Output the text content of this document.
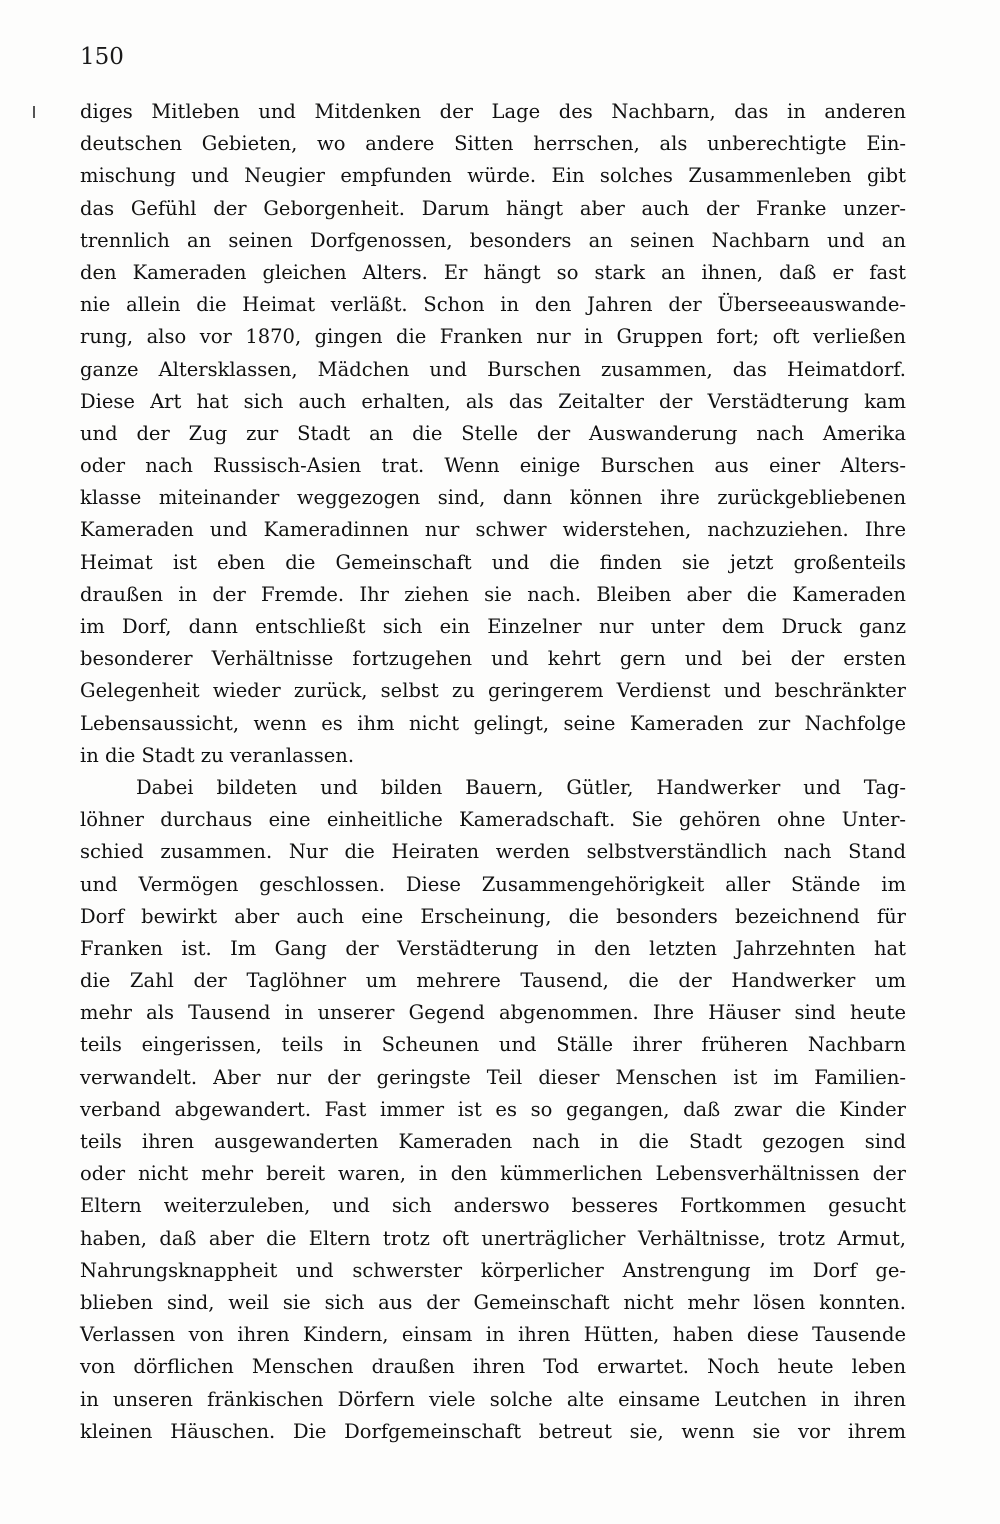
150
diges Mitleben und Mitdenken der Lage des Nachbarn, das in anderen
deutschen Gebieten, wo andere Sitten herrschen, als unberechtigte Ein-
mischung und Neugier empfunden würde. Ein solches Zusammenleben gibt
das Gefühl der Geborgenheit. Darum hängt aber auch der Franke unzer-
trennlich an seinen Dorfgenossen, besonders an seinen Nachbarn und an
den Kameraden gleichen Alters. Er hängt so stark an ihnen, daß er fast
nie allein die Heimat verläßt. Schon in den Jahren der Überseeauswande-
rung, also vor 1870, gingen die Franken nur in Gruppen fort; oft verließen
ganze Altersklassen, Mädchen und Burschen zusammen, das Heimatdorf.
Diese Art hat sich auch erhalten, als das Zeitalter der Verstädterung kam
und der Zug zur Stadt an die Stelle der Auswanderung nach Amerika
oder nach Russisch-Asien trat. Wenn einige Burschen aus einer Alters-
klasse miteinander weggezogen sind, dann können ihre zurückgebliebenen
Kameraden und Kameradinnen nur schwer widerstehen, nachzuziehen. Ihre
Heimat ist eben die Gemeinschaft und die finden sie jetzt großenteils
draußen in der Fremde. Ihr ziehen sie nach. Bleiben aber die Kameraden
im Dorf, dann entschließt sich ein Einzelner nur unter dem Druck ganz
besonderer Verhältnisse fortzugehen und kehrt gern und bei der ersten
Gelegenheit wieder zurück, selbst zu geringerem Verdienst und beschränkter
Lebensaussicht, wenn es ihm nicht gelingt, seine Kameraden zur Nachfolge
in die Stadt zu veranlassen.
Dabei bildeten und bilden Bauern, Gütler, Handwerker und Tag-
löhner durchaus eine einheitliche Kameradschaft. Sie gehören ohne Unter-
schied zusammen. Nur die Heiraten werden selbstverständlich nach Stand
und Vermögen geschlossen. Diese Zusammengehörigkeit aller Stände im
Dorf bewirkt aber auch eine Erscheinung, die besonders bezeichnend für
Franken ist. Im Gang der Verstädterung in den letzten Jahrzehnten hat
die Zahl der Taglöhner um mehrere Tausend, die der Handwerker um
mehr als Tausend in unserer Gegend abgenommen. Ihre Häuser sind heute
teils eingerissen, teils in Scheunen und Ställe ihrer früheren Nachbarn
verwandelt. Aber nur der geringste Teil dieser Menschen ist im Familien-
verband abgewandert. Fast immer ist es so gegangen, daß zwar die Kinder
teils ihren ausgewanderten Kameraden nach in die Stadt gezogen sind
oder nicht mehr bereit waren, in den kümmerlichen Lebensverhältnissen der
Eltern weiterzuleben, und sich anderswo besseres Fortkommen gesucht
haben, daß aber die Eltern trotz oft unerträglicher Verhältnisse, trotz Armut,
Nahrungsknappheit und schwerster körperlicher Anstrengung im Dorf ge-
blieben sind, weil sie sich aus der Gemeinschaft nicht mehr lösen konnten.
Verlassen von ihren Kindern, einsam in ihren Hütten, haben diese Tausende
von dörflichen Menschen draußen ihren Tod erwartet. Noch heute leben
in unseren fränkischen Dörfern viele solche alte einsame Leutchen in ihren
kleinen Häuschen. Die Dorfgemeinschaft betreut sie, wenn sie vor ihrem
